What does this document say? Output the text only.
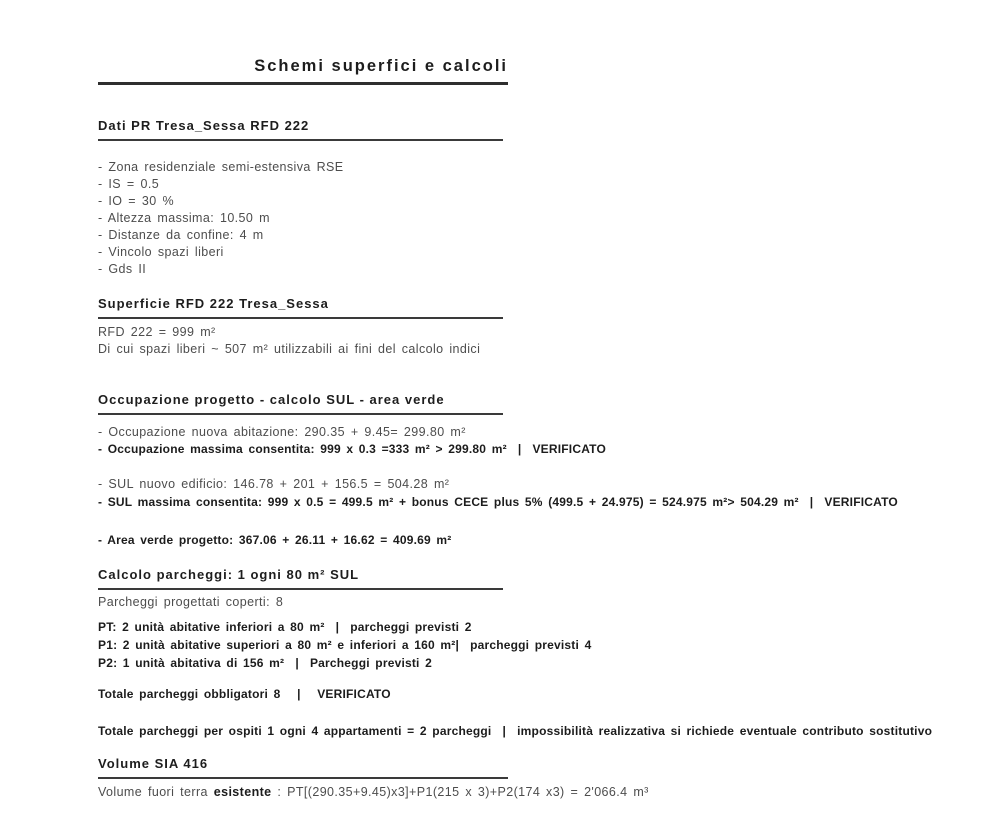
Schemi superfici e calcoli
Dati PR Tresa_Sessa RFD 222
- Zona residenziale semi-estensiva RSE
- IS = 0.5
- IO = 30 %
- Altezza massima: 10.50 m
- Distanze da confine: 4 m
- Vincolo spazi liberi
- Gds II
Superficie RFD 222 Tresa_Sessa
RFD 222 = 999 m²
Di cui spazi liberi ~ 507 m² utilizzabili ai fini del calcolo indici
Occupazione progetto - calcolo SUL - area verde
- Occupazione nuova abitazione: 290.35 + 9.45= 299.80 m²
- Occupazione massima consentita: 999 x 0.3 =333 m² > 299.80 m²  |  VERIFICATO
- SUL nuovo edificio: 146.78 + 201 + 156.5 = 504.28 m²
- SUL massima consentita: 999 x 0.5 = 499.5 m² + bonus CECE plus 5% (499.5 + 24.975) = 524.975 m²> 504.29 m²  |  VERIFICATO
- Area verde progetto: 367.06 + 26.11 + 16.62 = 409.69 m²
Calcolo parcheggi: 1 ogni 80 m² SUL
Parcheggi progettati coperti: 8
PT: 2 unità abitative inferiori a 80 m²  |  parcheggi previsti 2
P1: 2 unità abitative superiori a 80 m² e inferiori a 160 m²|  parcheggi previsti 4
P2: 1 unità abitativa di 156 m²  |  Parcheggi previsti 2
Totale parcheggi obbligatori 8   |   VERIFICATO
Totale parcheggi per ospiti 1 ogni 4 appartamenti = 2 parcheggi  |  impossibilità realizzativa si richiede eventuale contributo sostitutivo
Volume SIA 416
Volume fuori terra esistente : PT[(290.35+9.45)x3]+P1(215 x 3)+P2(174 x3) = 2'066.4 m³
